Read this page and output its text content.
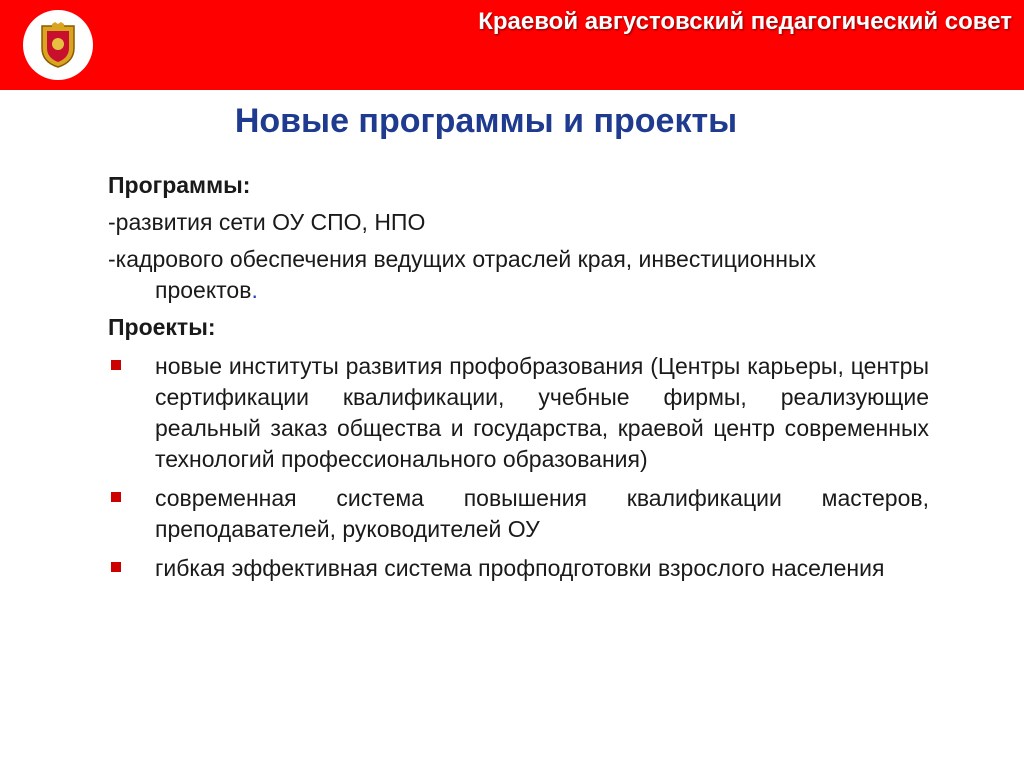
Краевой августовский педагогический совет
Новые программы и проекты
Программы:
-развития сети ОУ СПО, НПО
-кадрового обеспечения ведущих отраслей края, инвестиционных
проектов.
Проекты:
новые институты развития профобразования (Центры карьеры, центры сертификации квалификации, учебные фирмы, реализующие реальный заказ общества и государства, краевой центр современных технологий профессионального образования)
современная система повышения квалификации мастеров, преподавателей, руководителей ОУ
гибкая эффективная система профподготовки взрослого населения
